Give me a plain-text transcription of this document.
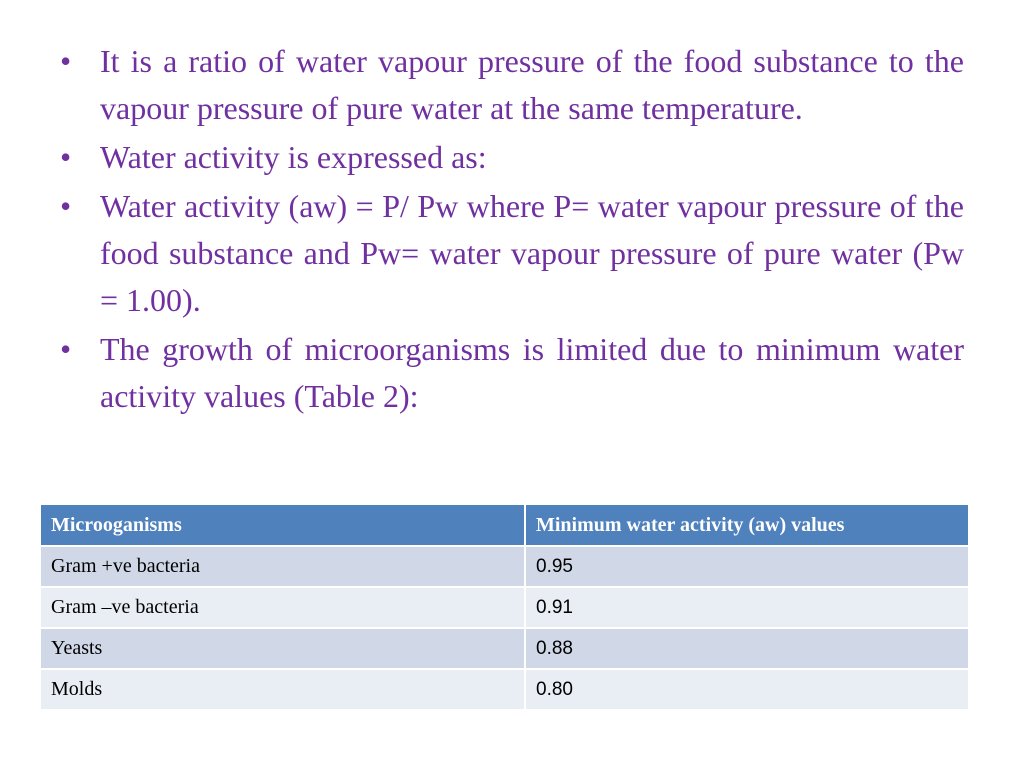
• It is a ratio of water vapour pressure of the food substance to the vapour pressure of pure water at the same temperature.
• Water activity is expressed as:
• Water activity (aw) = P/ Pw where P= water vapour pressure of the food substance and Pw= water vapour pressure of pure water (Pw = 1.00).
• The growth of microorganisms is limited due to minimum water activity values (Table 2):
Microoganisms	Minimum water activity (aw) values
Gram +ve bacteria	0.95
Gram –ve bacteria	0.91
Yeasts	0.88
Molds	0.80
